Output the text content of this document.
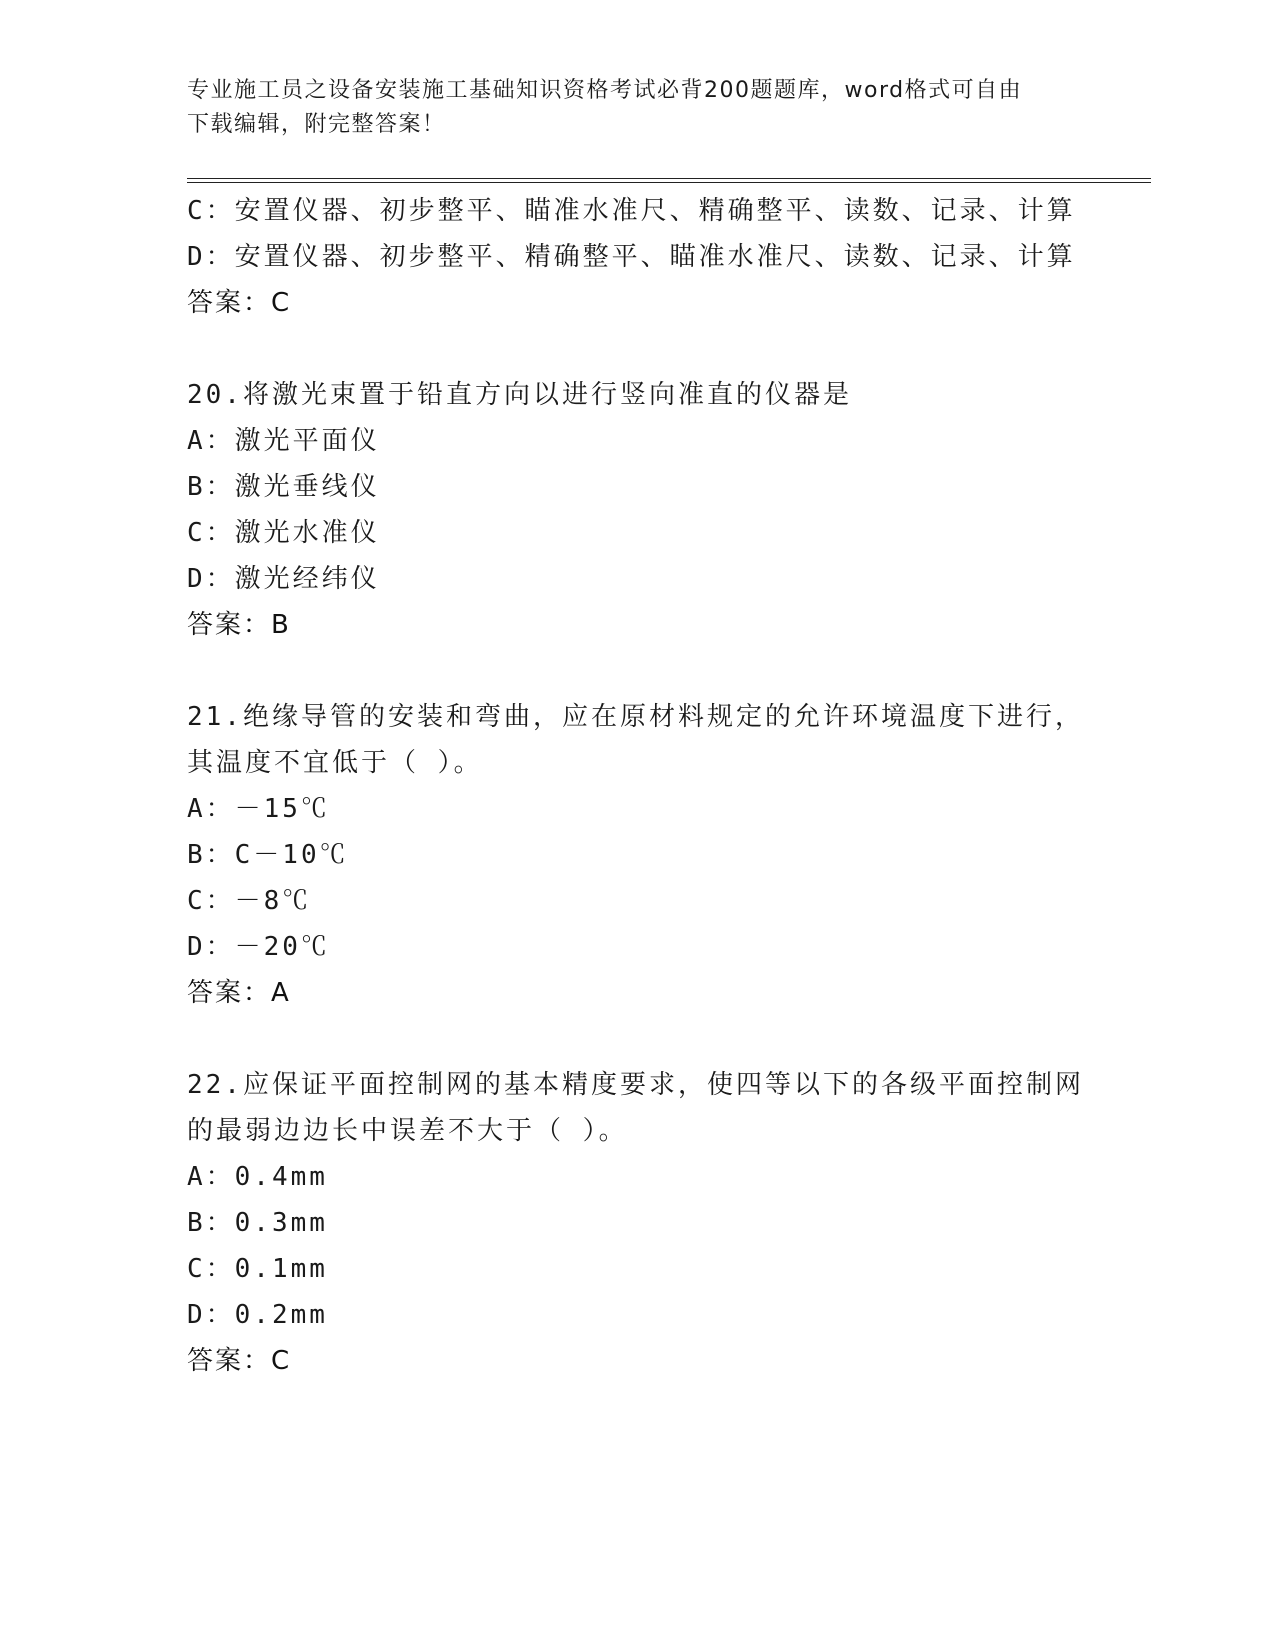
专业施工员之设备安装施工基础知识资格考试必背200题题库，word格式可自由
下载编辑，附完整答案！
C：安置仪器、初步整平、瞄准水准尺、精确整平、读数、记录、计算
D：安置仪器、初步整平、精确整平、瞄准水准尺、读数、记录、计算
答案：C
20.将激光束置于铅直方向以进行竖向准直的仪器是
A：激光平面仪
B：激光垂线仪
C：激光水准仪
D：激光经纬仪
答案：B
21.绝缘导管的安装和弯曲，应在原材料规定的允许环境温度下进行，
其温度不宜低于（ ）。
A：－15℃
B：C－10℃
C：－8℃
D：－20℃
答案：A
22.应保证平面控制网的基本精度要求，使四等以下的各级平面控制网
的最弱边边长中误差不大于（ ）。
A：0.4mm
B：0.3mm
C：0.1mm
D：0.2mm
答案：C
